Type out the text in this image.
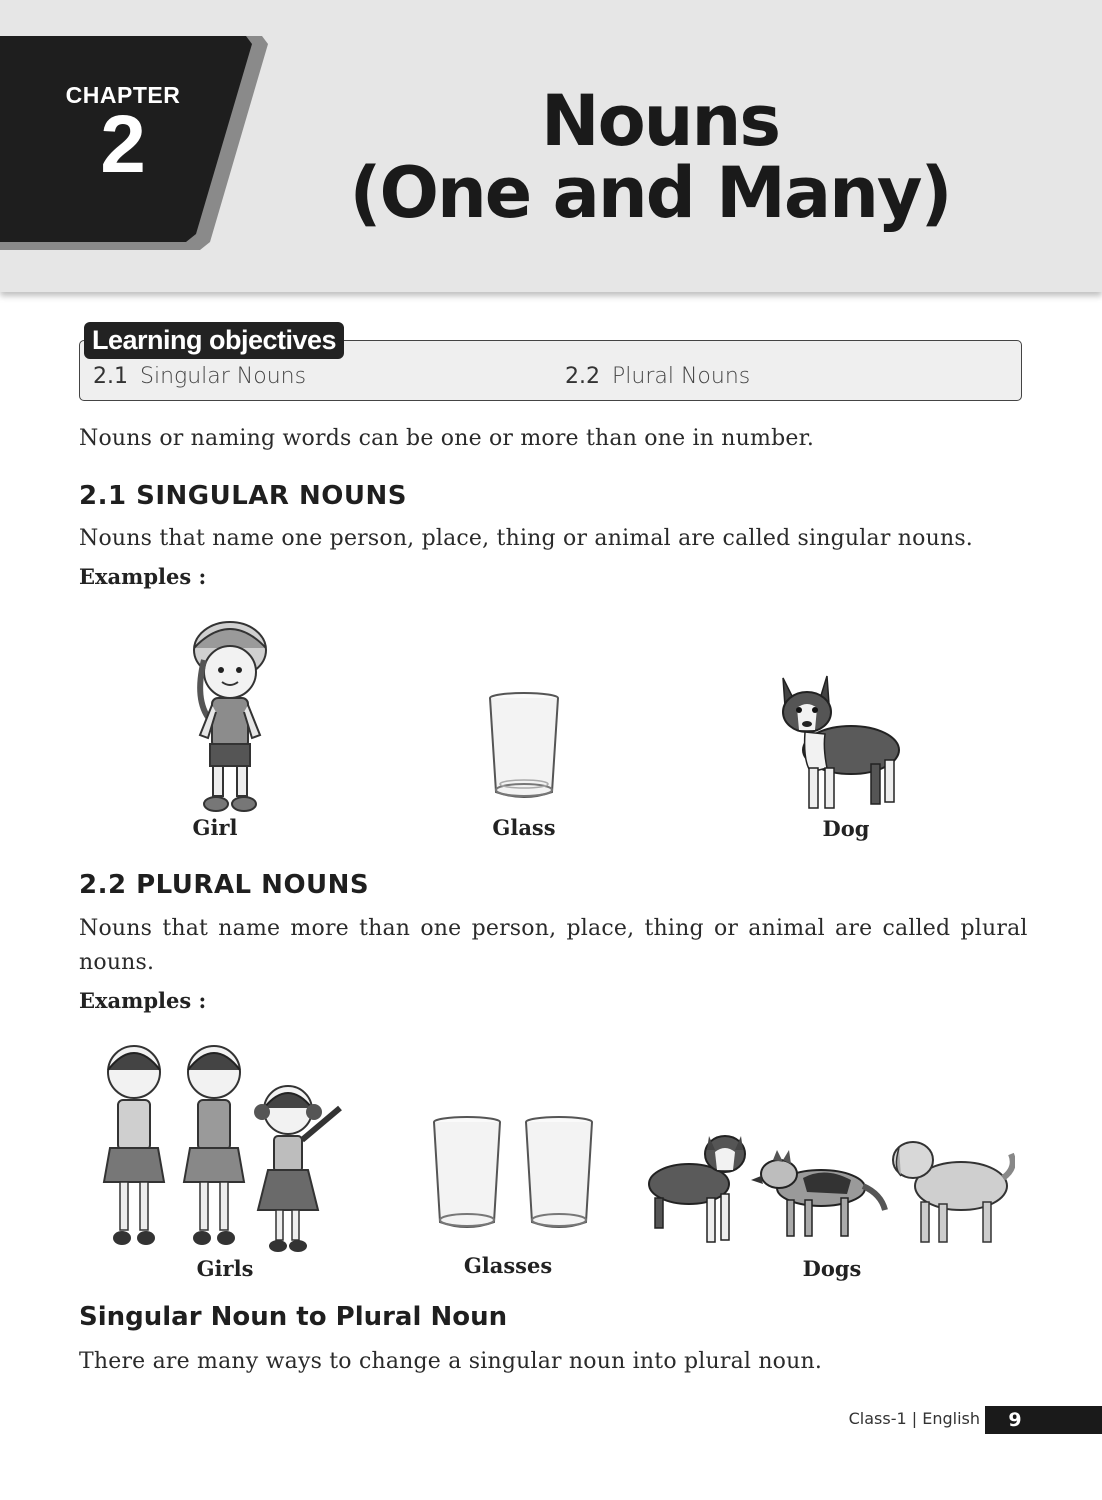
CHAPTER
2	Nouns
(One and Many)
Learning objectives
2.1 Singular Nouns	2.2 Plural Nouns
Nouns or naming words can be one or more than one in number.
2.1 SINGULAR NOUNS
Nouns that name one person, place, thing or animal are called singular nouns.
Examples :
Girl	Glass	Dog
2.2 PLURAL NOUNS
Nouns that name more than one person, place, thing or animal are called plural
nouns.
Examples :
Girls	Glasses	Dogs
Singular Noun to Plural Noun
There are many ways to change a singular noun into plural noun.
Class-1 | English	9
